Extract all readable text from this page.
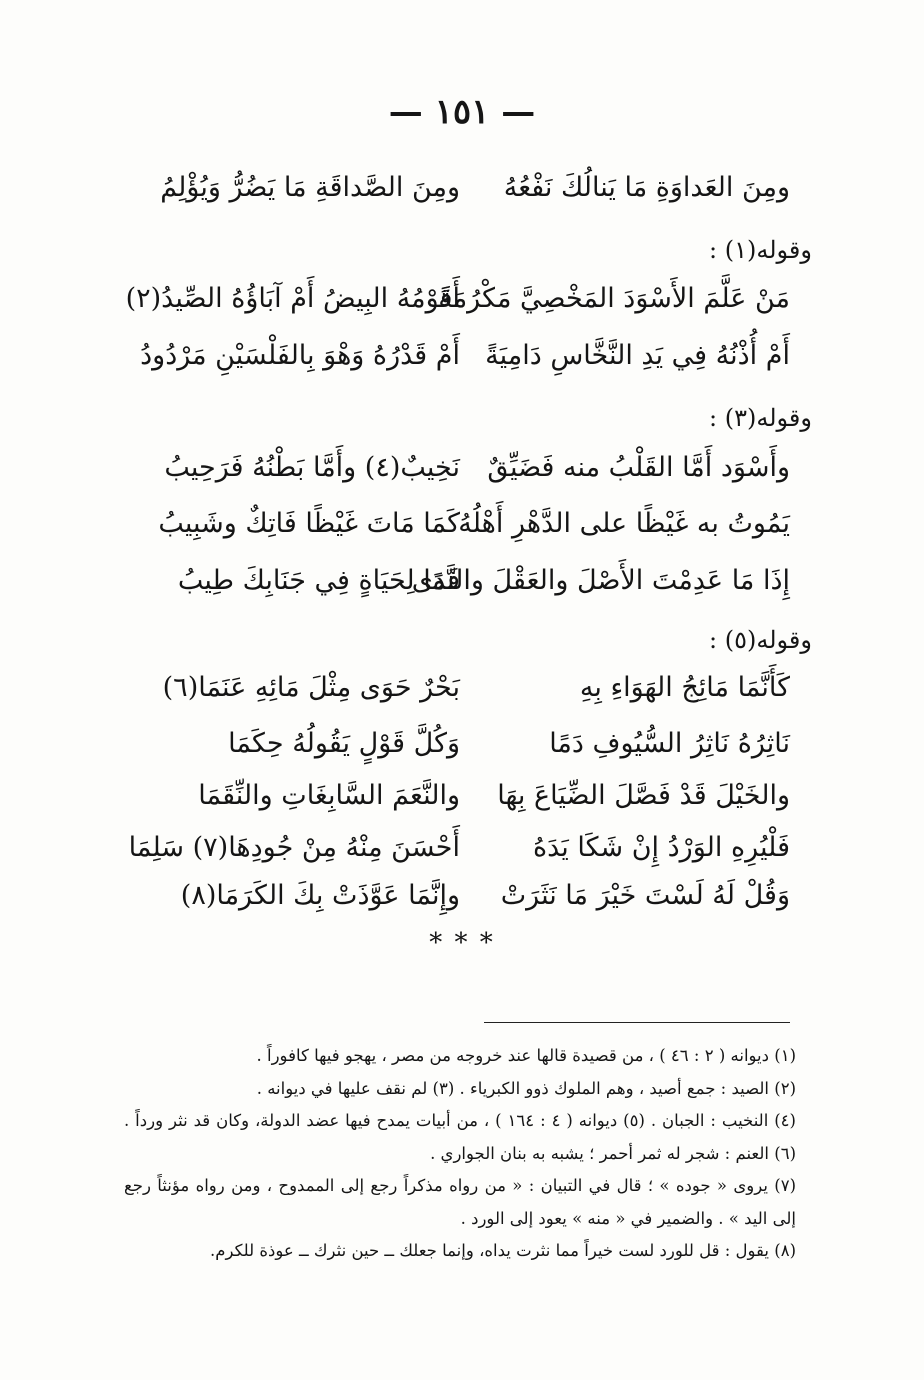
— ١٥١ —
ومِنَ العَداوَةِ مَا يَنالُكَ نَفْعُهُ
ومِنَ الصَّداقَةِ مَا يَضُرُّ وَيُؤْلِمُ
وقوله(١) :
مَنْ عَلَّمَ الأَسْوَدَ المَخْصِيَّ مَكْرُمَةً
أَقَوْمُهُ البِيضُ أَمْ آبَاؤُهُ الصِّيدُ(٢)
أَمْ أُذْنُهُ فِي يَدِ النَّخَّاسِ دَامِيَةً
أَمْ قَدْرُهُ وَهْوَ بِالفَلْسَيْنِ مَرْدُودُ
وقوله(٣) :
وأَسْوَد أَمَّا القَلْبُ منه فَضَيِّقٌ
نَخِيبٌ(٤) وأَمَّا بَطْنُهُ فَرَحِيبُ
يَمُوتُ به غَيْظًا على الدَّهْرِ أَهْلُهُ
كَمَا مَاتَ غَيْظًا فَاتِكٌ وشَبِيبُ
إِذَا مَا عَدِمْتَ الأَصْلَ والعَقْلَ والنَّدَى
فَمَا لِحَيَاةٍ فِي جَنَابِكَ طِيبُ
وقوله(٥) :
كَأَنَّمَا مَائِجُ الهَوَاءِ بِهِ
بَحْرٌ حَوَى مِثْلَ مَائِهِ عَنَمَا(٦)
نَاثِرُهُ نَاثِرُ السُّيُوفِ دَمًا
وَكُلَّ قَوْلٍ يَقُولُهُ حِكَمَا
والخَيْلَ قَدْ فَصَّلَ الضِّيَاعَ بِهَا
والنَّعَمَ السَّابِغَاتِ والنِّقَمَا
فَلْيُرِهِ الوَرْدُ إِنْ شَكَا يَدَهُ
أَحْسَنَ مِنْهُ مِنْ جُودِهَا(٧) سَلِمَا
وَقُلْ لَهُ لَسْتَ خَيْرَ مَا نَثَرَتْ
وإِنَّمَا عَوَّذَتْ بِكَ الكَرَمَا(٨)
* * *

(١) ديوانه ( ٢ : ٤٦ ) ، من قصيدة قالها عند خروجه من مصر ، يهجو فيها كافوراً .

(٢) الصيد : جمع أصيد ، وهم الملوك ذوو الكبرياء . (٣) لم نقف عليها في ديوانه .

(٤) النخيب : الجبان . (٥) ديوانه ( ٤ : ١٦٤ ) ، من أبيات يمدح فيها عضد الدولة، وكان قد نثر ورداً . (٦) العنم : شجر له ثمر أحمر ؛ يشبه به بنان الجواري .

(٧) يروى « جوده » ؛ قال في التبيان : « من رواه مذكراً رجع إلى الممدوح ، ومن رواه مؤنثاً رجع إلى اليد » . والضمير في « منه » يعود إلى الورد .

(٨) يقول : قل للورد لست خيراً مما نثرت يداه، وإنما جعلك ــ حين نثرك ــ عوذة للكرم.
